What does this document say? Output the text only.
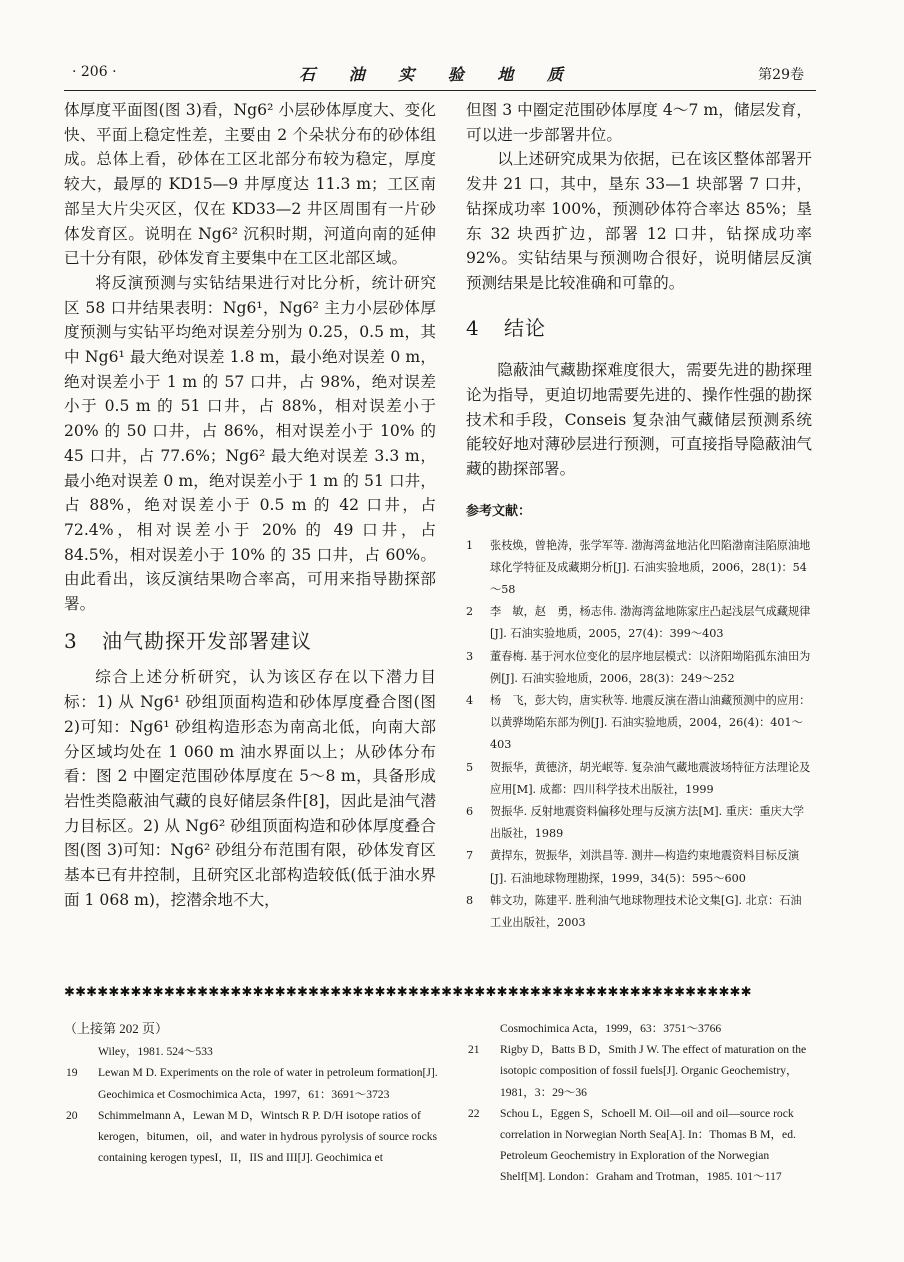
· 206 ·	石 油 实 验 地 质	第29卷

体厚度平面图(图 3)看，Ng6² 小层砂体厚度大、变化快、平面上稳定性差，主要由 2 个朵状分布的砂体组成。总体上看，砂体在工区北部分布较为稳定，厚度较大，最厚的 KD15—9 井厚度达 11.3 m；工区南部呈大片尖灭区，仅在 KD33—2 井区周围有一片砂体发育区。说明在 Ng6² 沉积时期，河道向南的延伸已十分有限，砂体发育主要集中在工区北部区域。

将反演预测与实钻结果进行对比分析，统计研究区 58 口井结果表明：Ng6¹，Ng6² 主力小层砂体厚度预测与实钻平均绝对误差分别为 0.25，0.5 m，其中 Ng6¹ 最大绝对误差 1.8 m，最小绝对误差 0 m，绝对误差小于 1 m 的 57 口井，占 98%，绝对误差小于 0.5 m 的 51 口井，占 88%，相对误差小于 20% 的 50 口井，占 86%，相对误差小于 10% 的 45 口井，占 77.6%；Ng6² 最大绝对误差 3.3 m，最小绝对误差 0 m，绝对误差小于 1 m 的 51 口井，占 88%，绝对误差小于 0.5 m 的 42 口井，占 72.4%，相对误差小于 20% 的 49 口井，占84.5%，相对误差小于 10% 的 35 口井，占 60%。由此看出，该反演结果吻合率高，可用来指导勘探部署。

3 油气勘探开发部署建议

综合上述分析研究，认为该区存在以下潜力目标：1) 从 Ng6¹ 砂组顶面构造和砂体厚度叠合图(图 2)可知：Ng6¹ 砂组构造形态为南高北低，向南大部分区域均处在 1 060 m 油水界面以上；从砂体分布看：图 2 中圈定范围砂体厚度在 5～8 m，具备形成岩性类隐蔽油气藏的良好储层条件[8]，因此是油气潜力目标区。2) 从 Ng6² 砂组顶面构造和砂体厚度叠合图(图 3)可知：Ng6² 砂组分布范围有限，砂体发育区基本已有井控制，且研究区北部构造较低(低于油水界面 1 068 m)，挖潜余地不大，

但图 3 中圈定范围砂体厚度 4～7 m，储层发育，可以进一步部署井位。

以上述研究成果为依据，已在该区整体部署开发井 21 口，其中，垦东 33—1 块部署 7 口井，钻探成功率 100%，预测砂体符合率达 85%；垦东 32 块西扩边，部署 12 口井，钻探成功率 92%。实钻结果与预测吻合很好，说明储层反演预测结果是比较准确和可靠的。

4 结论

隐蔽油气藏勘探难度很大，需要先进的勘探理论为指导，更迫切地需要先进的、操作性强的勘探技术和手段，Conseis 复杂油气藏储层预测系统能较好地对薄砂层进行预测，可直接指导隐蔽油气藏的勘探部署。

参考文献：
1 张枝焕，曾艳涛，张学军等. 渤海湾盆地沾化凹陷渤南洼陷原油地球化学特征及成藏期分析[J]. 石油实验地质，2006，28(1)：54～58
2 李　敏，赵　勇，杨志伟. 渤海湾盆地陈家庄凸起浅层气成藏规律[J]. 石油实验地质，2005，27(4)：399～403
3 董春梅. 基于河水位变化的层序地层模式：以济阳坳陷孤东油田为例[J]. 石油实验地质，2006，28(3)：249～252
4 杨　飞，彭大钧，唐实秋等. 地震反演在潜山油藏预测中的应用：以黄骅坳陷东部为例[J]. 石油实验地质，2004，26(4)：401～403
5 贺振华，黄德济，胡光岷等. 复杂油气藏地震波场特征方法理论及应用[M]. 成都：四川科学技术出版社，1999
6 贺振华. 反射地震资料偏移处理与反演方法[M]. 重庆：重庆大学出版社，1989
7 黄捍东，贺振华，刘洪昌等. 测井—构造约束地震资料目标反演[J]. 石油地球物理勘探，1999，34(5)：595～600
8 韩文功，陈建平. 胜利油气地球物理技术论文集[G]. 北京：石油工业出版社，2003
✱✱✱✱✱✱✱✱✱✱✱✱✱✱✱✱✱✱✱✱✱✱✱✱✱✱✱✱✱✱✱✱✱✱✱✱✱✱✱✱✱✱✱✱✱✱✱✱✱✱✱✱✱✱✱✱✱✱✱✱✱✱
（上接第 202 页）
Wiley，1981. 524～533
19 Lewan M D. Experiments on the role of water in petroleum formation[J]. Geochimica et Cosmochimica Acta，1997，61：3691～3723
20 Schimmelmann A，Lewan M D，Wintsch R P. D/H isotope ratios of kerogen，bitumen，oil，and water in hydrous pyrolysis of source rocks containing kerogen typesI，II，IIS and III[J]. Geochimica et
Cosmochimica Acta，1999，63：3751～3766
21 Rigby D，Batts B D，Smith J W. The effect of maturation on the isotopic composition of fossil fuels[J]. Organic Geochemistry，1981，3：29～36
22 Schou L，Eggen S，Schoell M. Oil—oil and oil—source rock correlation in Norwegian North Sea[A]. In：Thomas B M，ed. Petroleum Geochemistry in Exploration of the Norwegian Shelf[M]. London：Graham and Trotman，1985. 101～117
